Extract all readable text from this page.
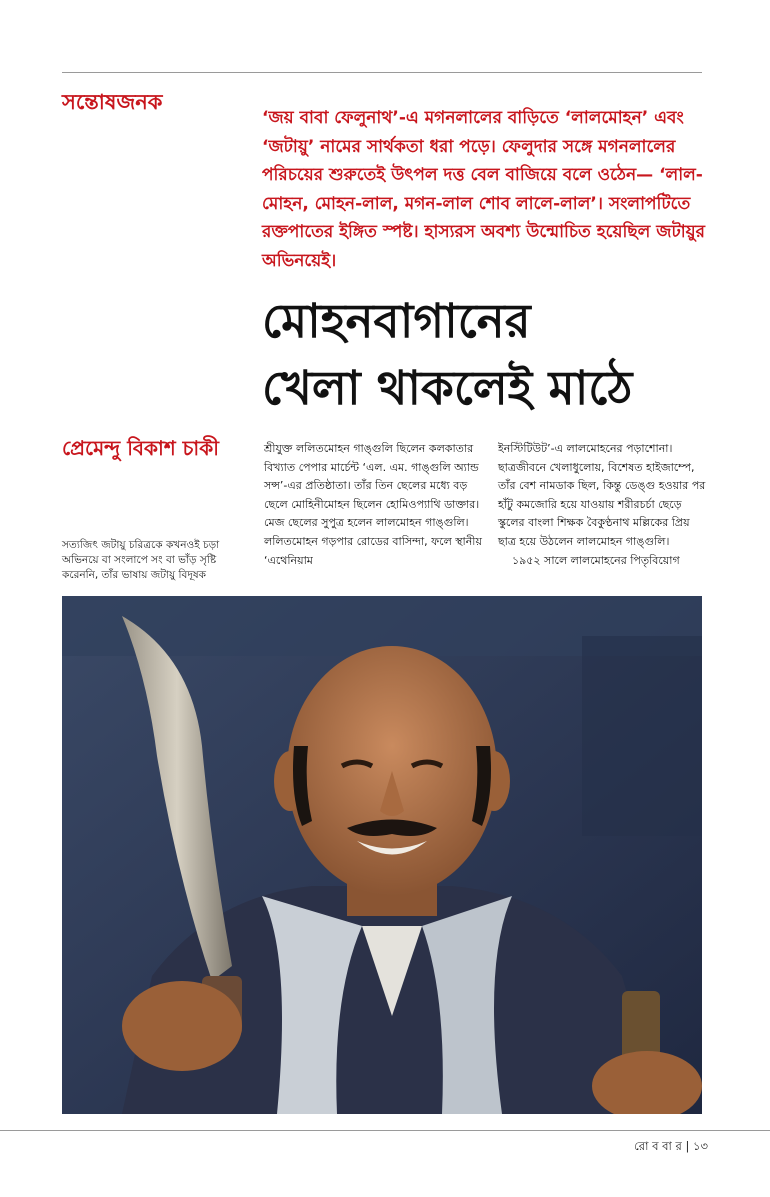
সন্তোষজনক

‘জয় বাবা ফেলুনাথ’-এ মগনলালের বাড়িতে ‘লালমোহন’ এবং ‘জটায়ু’ নামের সার্থকতা ধরা পড়ে। ফেলুদার সঙ্গে মগনলালের পরিচয়ের শুরুতেই উৎপল দত্ত বেল বাজিয়ে বলে ওঠেন— ‘লাল-মোহন, মোহন-লাল, মগন-লাল শোব লালে-লাল’। সংলাপটিতে রক্তপাতের ইঙ্গিত স্পষ্ট। হাস্যরস অবশ্য উন্মোচিত হয়েছিল জটায়ুর অভিনয়েই।

মোহনবাগানের
খেলা থাকলেই মাঠে
প্রেমেন্দু বিকাশ চাকী
সত্যজিৎ জটায়ু চরিত্রকে কখনওই চড়া অভিনয়ে বা সংলাপে সং বা ভাঁড় সৃষ্টি করেননি, তাঁর ভাষায় জটায়ু বিদূষক

শ্রীযুক্ত ললিতমোহন গাঙ্গুলি ছিলেন কলকাতার বিখ্যাত পেপার মার্চেন্ট ‘এল. এম. গাঙ্গুলি অ্যান্ড সন্স’-এর প্রতিষ্ঠাতা। তাঁর তিন ছেলের মধ্যে বড় ছেলে মোহিনীমোহন ছিলেন হোমিওপ্যাথি ডাক্তার। মেজ ছেলের সুপুত্র হলেন লালমোহন গাঙ্গুলি। ললিতমোহন গড়পার রোডের বাসিন্দা, ফলে স্থানীয় ‘এথেনিয়াম

ইনস্টিটিউট’-এ লালমোহনের পড়াশোনা। ছাত্রজীবনে খেলাধুলোয়, বিশেষত হাইজাম্পে, তাঁর বেশ নামডাক ছিল, কিন্তু ডেঙ্গু হওয়ার পর হাঁটু কমজোরি হয়ে যাওয়ায় শরীরচর্চা ছেড়ে স্কুলের বাংলা শিক্ষক বৈকুণ্ঠনাথ মল্লিকের প্রিয় ছাত্র হয়ে উঠলেন লালমোহন গাঙ্গুলি।

১৯৫২ সালে লালমোহনের পিতৃবিয়োগ

রো ব বা র | ১৩
